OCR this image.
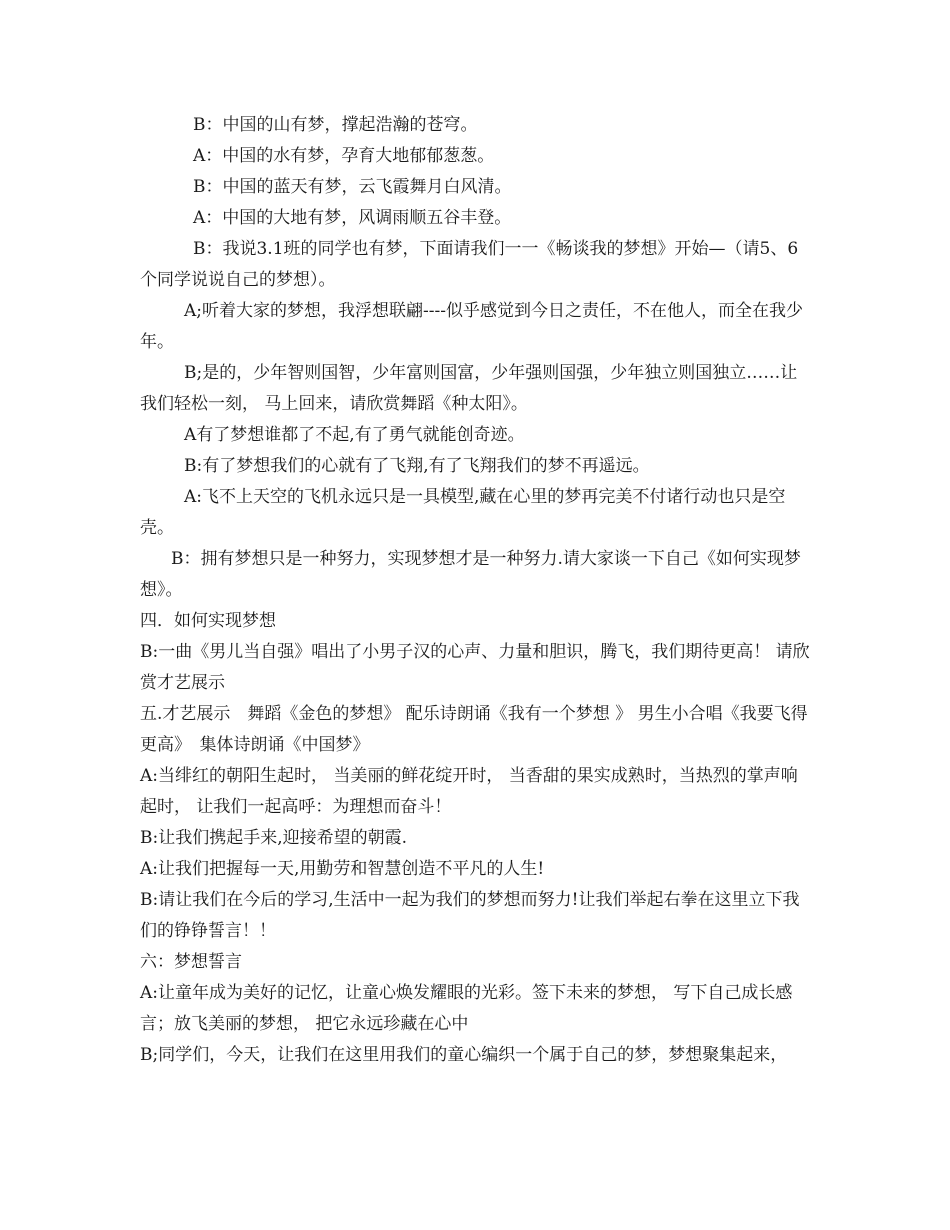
B：中国的山有梦，撑起浩瀚的苍穹。

A：中国的水有梦，孕育大地郁郁葱葱。

B：中国的蓝天有梦，云飞霞舞月白风清。

A：中国的大地有梦，风调雨顺五谷丰登。

B：我说3.1班的同学也有梦，下面请我们一一《畅谈我的梦想》开始—（请5、6个同学说说自己的梦想）。

A;听着大家的梦想，我浮想联翩----似乎感觉到今日之责任，不在他人，而全在我少年。

B;是的，少年智则国智，少年富则国富，少年强则国强，少年独立则国独立……让我们轻松一刻， 马上回来，请欣赏舞蹈《种太阳》。

A有了梦想谁都了不起,有了勇气就能创奇迹。

B:有了梦想我们的心就有了飞翔,有了飞翔我们的梦不再遥远。

A:飞不上天空的飞机永远只是一具模型,藏在心里的梦再完美不付诸行动也只是空壳。

B：拥有梦想只是一种努力，实现梦想才是一种努力.请大家谈一下自己《如何实现梦想》。

四．如何实现梦想

B:一曲《男儿当自强》唱出了小男子汉的心声、力量和胆识，腾飞，我们期待更高！ 请欣赏才艺展示

五.才艺展示　舞蹈《金色的梦想》 配乐诗朗诵《我有一个梦想 》 男生小合唱《我要飞得更高》　集体诗朗诵《中国梦》

A:当绯红的朝阳生起时， 当美丽的鲜花绽开时， 当香甜的果实成熟时，当热烈的掌声响起时， 让我们一起高呼：为理想而奋斗！

B:让我们携起手来,迎接希望的朝霞.

A:让我们把握每一天,用勤劳和智慧创造不平凡的人生!

B:请让我们在今后的学习,生活中一起为我们的梦想而努力!让我们举起右拳在这里立下我们的铮铮誓言！！

六：梦想誓言

A:让童年成为美好的记忆，让童心焕发耀眼的光彩。签下未来的梦想， 写下自己成长感言；放飞美丽的梦想， 把它永远珍藏在心中

B;同学们，今天，让我们在这里用我们的童心编织一个属于自己的梦，梦想聚集起来，
